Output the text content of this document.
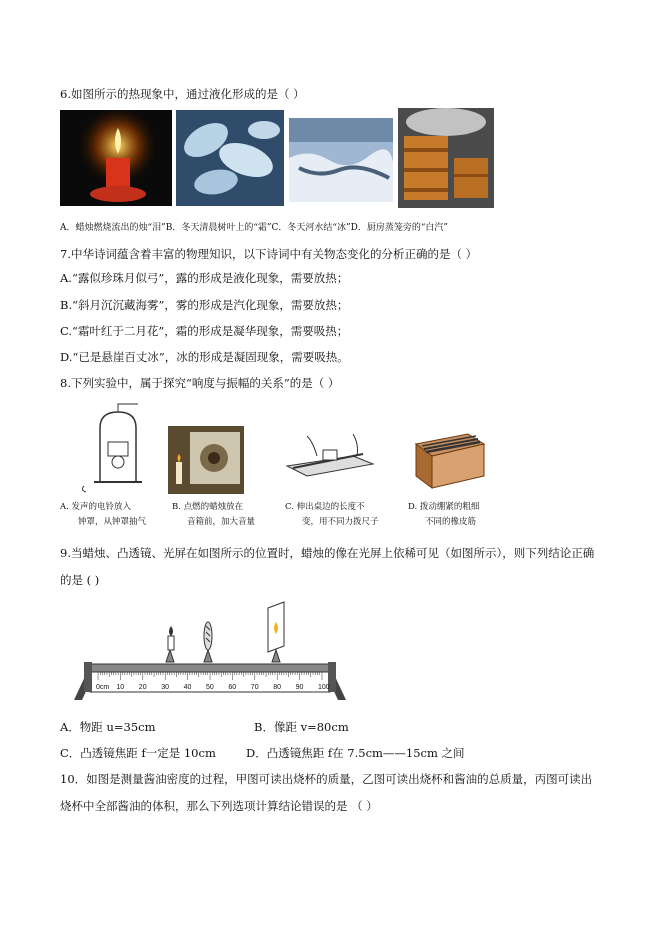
6.如图所示的热现象中，通过液化形成的是（ ）
A．蜡烛燃烧流出的烛“泪”B．冬天清晨树叶上的“霜”C．冬天河水结“冰”D．厨房蒸笼旁的“白汽”
7.中华诗词蕴含着丰富的物理知识，以下诗词中有关物态变化的分析正确的是（ ）
A.“露似珍珠月似弓”，露的形成是液化现象，需要放热；
B.“斜月沉沉藏海雾”，雾的形成是汽化现象，需要放热；
C.“霜叶红于二月花”，霜的形成是凝华现象，需要吸热；
D.“已是悬崖百丈冰”，冰的形成是凝固现象，需要吸热。
8.下列实验中，属于探究“响度与振幅的关系”的是（ ）
A. 发声的电铃放入
钟罩，从钟罩抽气
B. 点燃的蜡烛放在
音箱前，加大音量
C. 伸出桌边的长度不
变，用不同力拨尺子
D. 拨动绷紧的粗细
不同的橡皮筋
9.当蜡烛、凸透镜、光屏在如图所示的位置时，蜡烛的像在光屏上依稀可见（如图所示），则下列结论正确
的是 ( )
0cm 10 20 30 40 50 60 70 80 90 100
A．物距 u=35cm	B．像距 v=80cm
C．凸透镜焦距 f一定是 10cm	D．凸透镜焦距 f在 7.5cm——15cm 之间
10．如图是测量酱油密度的过程，甲图可读出烧杯的质量，乙图可读出烧杯和酱油的总质量，丙图可读出
烧杯中全部酱油的体积，那么下列选项计算结论错误的是 （ ）
